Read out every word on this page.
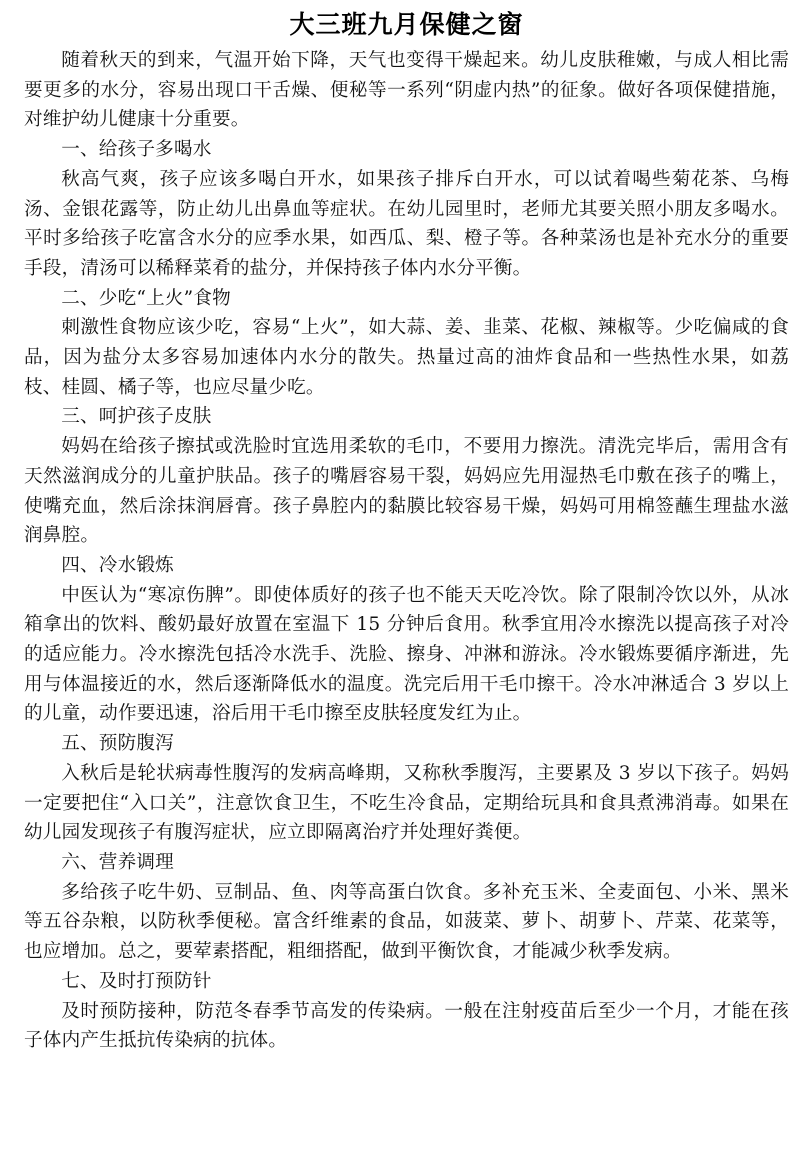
大三班九月保健之窗

随着秋天的到来，气温开始下降，天气也变得干燥起来。幼儿皮肤稚嫩，与成人相比需要更多的水分，容易出现口干舌燥、便秘等一系列“阴虚内热”的征象。做好各项保健措施，对维护幼儿健康十分重要。

一、给孩子多喝水

秋高气爽，孩子应该多喝白开水，如果孩子排斥白开水，可以试着喝些菊花茶、乌梅汤、金银花露等，防止幼儿出鼻血等症状。在幼儿园里时，老师尤其要关照小朋友多喝水。平时多给孩子吃富含水分的应季水果，如西瓜、梨、橙子等。各种菜汤也是补充水分的重要手段，清汤可以稀释菜肴的盐分，并保持孩子体内水分平衡。

二、少吃“上火”食物

刺激性食物应该少吃，容易“上火”，如大蒜、姜、韭菜、花椒、辣椒等。少吃偏咸的食品，因为盐分太多容易加速体内水分的散失。热量过高的油炸食品和一些热性水果，如荔枝、桂圆、橘子等，也应尽量少吃。

三、呵护孩子皮肤

妈妈在给孩子擦拭或洗脸时宜选用柔软的毛巾，不要用力擦洗。清洗完毕后，需用含有天然滋润成分的儿童护肤品。孩子的嘴唇容易干裂，妈妈应先用湿热毛巾敷在孩子的嘴上，使嘴充血，然后涂抹润唇膏。孩子鼻腔内的黏膜比较容易干燥，妈妈可用棉签蘸生理盐水滋润鼻腔。

四、冷水锻炼

中医认为“寒凉伤脾”。即使体质好的孩子也不能天天吃冷饮。除了限制冷饮以外，从冰箱拿出的饮料、酸奶最好放置在室温下 15 分钟后食用。秋季宜用冷水擦洗以提高孩子对冷的适应能力。冷水擦洗包括冷水洗手、洗脸、擦身、冲淋和游泳。冷水锻炼要循序渐进，先用与体温接近的水，然后逐渐降低水的温度。洗完后用干毛巾擦干。冷水冲淋适合 3 岁以上的儿童，动作要迅速，浴后用干毛巾擦至皮肤轻度发红为止。

五、预防腹泻

入秋后是轮状病毒性腹泻的发病高峰期，又称秋季腹泻，主要累及 3 岁以下孩子。妈妈一定要把住“入口关”，注意饮食卫生，不吃生冷食品，定期给玩具和食具煮沸消毒。如果在幼儿园发现孩子有腹泻症状，应立即隔离治疗并处理好粪便。

六、营养调理

多给孩子吃牛奶、豆制品、鱼、肉等高蛋白饮食。多补充玉米、全麦面包、小米、黑米等五谷杂粮，以防秋季便秘。富含纤维素的食品，如菠菜、萝卜、胡萝卜、芹菜、花菜等，也应增加。总之，要荤素搭配，粗细搭配，做到平衡饮食，才能减少秋季发病。

七、及时打预防针

及时预防接种，防范冬春季节高发的传染病。一般在注射疫苗后至少一个月，才能在孩子体内产生抵抗传染病的抗体。
